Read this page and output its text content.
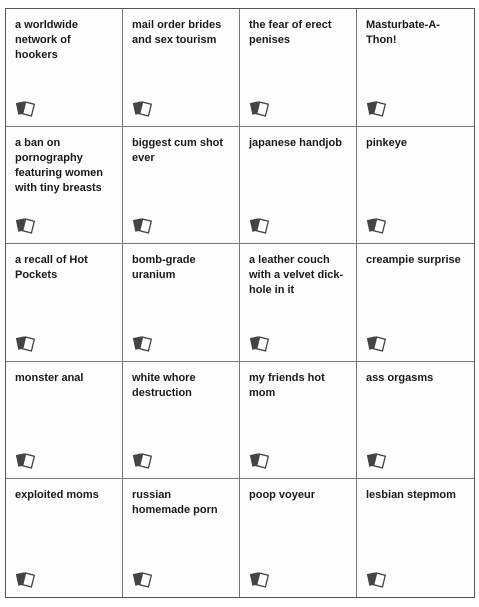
a worldwide network of hookers

mail order brides and sex tourism

the fear of erect penises

Masturbate-A-Thon!

a ban on pornography featuring women with tiny breasts

biggest cum shot ever

japanese handjob	pinkeye

a recall of Hot Pockets

bomb-grade uranium

a leather couch with a velvet dick-hole in it

creampie surprise

monster anal	white whore destruction

my friends hot mom

ass orgasms

exploited moms	russian homemade porn

poop voyeur	lesbian stepmom
